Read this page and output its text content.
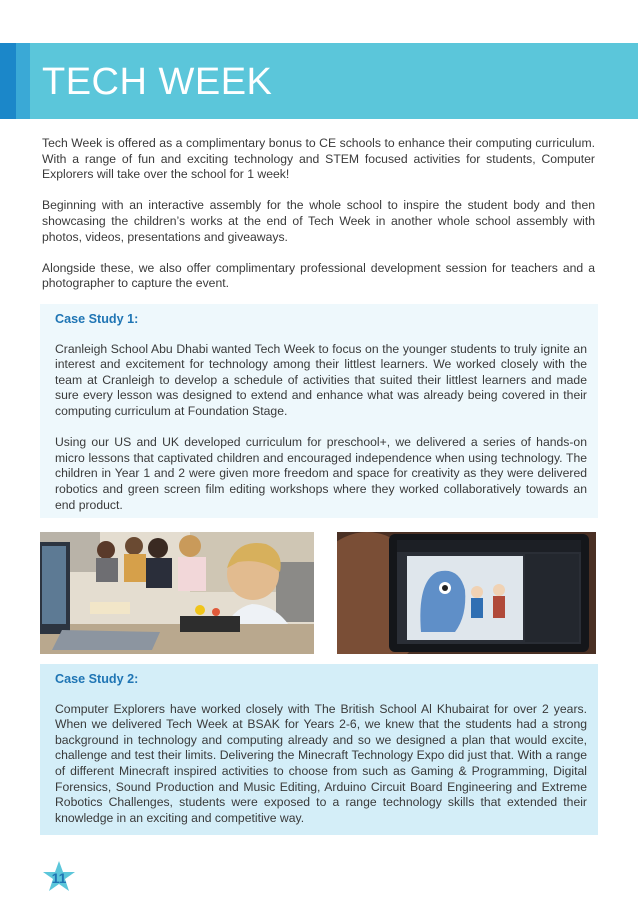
TECH WEEK

Tech Week is offered as a complimentary bonus to CE schools to enhance their computing curriculum. With a range of fun and exciting technology and STEM focused activities for students, Computer Explorers will take over the school for 1 week!

Beginning with an interactive assembly for the whole school to inspire the student body and then showcasing the children’s works at the end of Tech Week in another whole school assembly with photos, videos, presentations and giveaways.

Alongside these, we also offer complimentary professional development session for teachers and a photographer to capture the event.

Case Study 1:

Cranleigh School Abu Dhabi wanted Tech Week to focus on the younger students to truly ignite an interest and excitement for technology among their littlest learners. We worked closely with the team at Cranleigh to develop a schedule of activities that suited their littlest learners and made sure every lesson was designed to extend and enhance what was already being covered in their computing curriculum at Foundation Stage.

Using our US and UK developed curriculum for preschool+, we delivered a series of hands-on micro lessons that captivated children and encouraged independence when using technology. The children in Year 1 and 2 were given more freedom and space for creativity as they were delivered robotics and green screen film editing workshops where they worked collaboratively towards an end product.

Case Study 2:

Computer Explorers have worked closely with The British School Al Khubairat for over 2 years. When we delivered Tech Week at BSAK for Years 2-6, we knew that the students had a strong background in technology and computing already and so we designed a plan that would excite, challenge and test their limits. Delivering the Minecraft Technology Expo did just that. With a range of different Minecraft inspired activities to choose from such as Gaming & Programming, Digital Forensics, Sound Production and Music Editing, Arduino Circuit Board Engineering and Extreme Robotics Challenges, students were exposed to a range technology skills that extended their knowledge in an exciting and competitive way.

11
